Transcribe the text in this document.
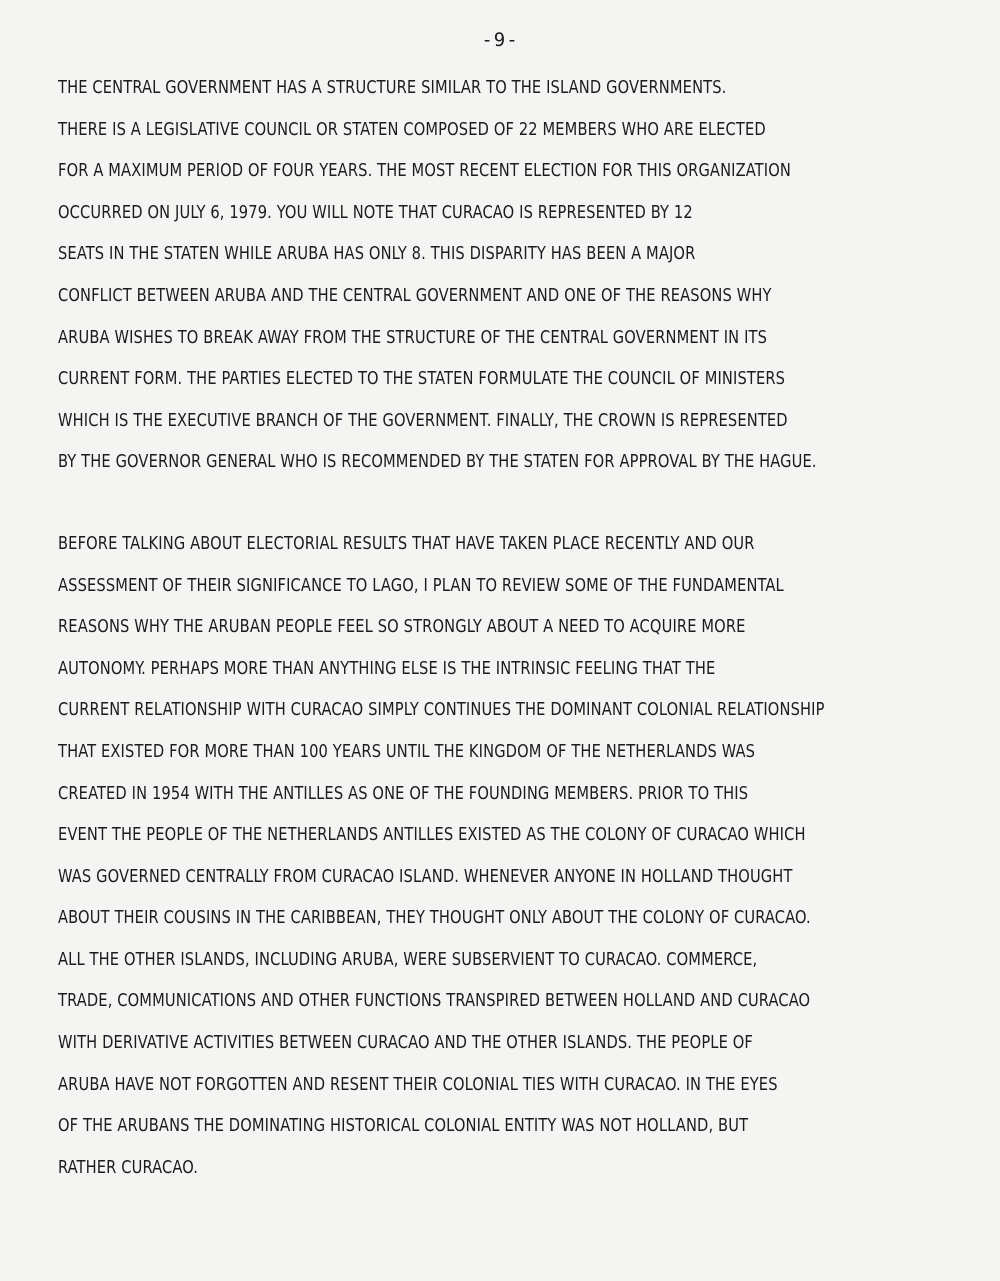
-9-
THE CENTRAL GOVERNMENT HAS A STRUCTURE SIMILAR TO THE ISLAND GOVERNMENTS.
THERE IS A LEGISLATIVE COUNCIL OR STATEN COMPOSED OF 22 MEMBERS WHO ARE ELECTED
FOR A MAXIMUM PERIOD OF FOUR YEARS. THE MOST RECENT ELECTION FOR THIS ORGANIZATION
OCCURRED ON JULY 6, 1979. YOU WILL NOTE THAT CURACAO IS REPRESENTED BY 12
SEATS IN THE STATEN WHILE ARUBA HAS ONLY 8. THIS DISPARITY HAS BEEN A MAJOR
CONFLICT BETWEEN ARUBA AND THE CENTRAL GOVERNMENT AND ONE OF THE REASONS WHY
ARUBA WISHES TO BREAK AWAY FROM THE STRUCTURE OF THE CENTRAL GOVERNMENT IN ITS
CURRENT FORM. THE PARTIES ELECTED TO THE STATEN FORMULATE THE COUNCIL OF MINISTERS
WHICH IS THE EXECUTIVE BRANCH OF THE GOVERNMENT. FINALLY, THE CROWN IS REPRESENTED
BY THE GOVERNOR GENERAL WHO IS RECOMMENDED BY THE STATEN FOR APPROVAL BY THE HAGUE.
BEFORE TALKING ABOUT ELECTORIAL RESULTS THAT HAVE TAKEN PLACE RECENTLY AND OUR
ASSESSMENT OF THEIR SIGNIFICANCE TO LAGO, I PLAN TO REVIEW SOME OF THE FUNDAMENTAL
REASONS WHY THE ARUBAN PEOPLE FEEL SO STRONGLY ABOUT A NEED TO ACQUIRE MORE
AUTONOMY. PERHAPS MORE THAN ANYTHING ELSE IS THE INTRINSIC FEELING THAT THE
CURRENT RELATIONSHIP WITH CURACAO SIMPLY CONTINUES THE DOMINANT COLONIAL RELATIONSHIP
THAT EXISTED FOR MORE THAN 100 YEARS UNTIL THE KINGDOM OF THE NETHERLANDS WAS
CREATED IN 1954 WITH THE ANTILLES AS ONE OF THE FOUNDING MEMBERS. PRIOR TO THIS
EVENT THE PEOPLE OF THE NETHERLANDS ANTILLES EXISTED AS THE COLONY OF CURACAO WHICH
WAS GOVERNED CENTRALLY FROM CURACAO ISLAND. WHENEVER ANYONE IN HOLLAND THOUGHT
ABOUT THEIR COUSINS IN THE CARIBBEAN, THEY THOUGHT ONLY ABOUT THE COLONY OF CURACAO.
ALL THE OTHER ISLANDS, INCLUDING ARUBA, WERE SUBSERVIENT TO CURACAO. COMMERCE,
TRADE, COMMUNICATIONS AND OTHER FUNCTIONS TRANSPIRED BETWEEN HOLLAND AND CURACAO
WITH DERIVATIVE ACTIVITIES BETWEEN CURACAO AND THE OTHER ISLANDS. THE PEOPLE OF
ARUBA HAVE NOT FORGOTTEN AND RESENT THEIR COLONIAL TIES WITH CURACAO. IN THE EYES
OF THE ARUBANS THE DOMINATING HISTORICAL COLONIAL ENTITY WAS NOT HOLLAND, BUT
RATHER CURACAO.
